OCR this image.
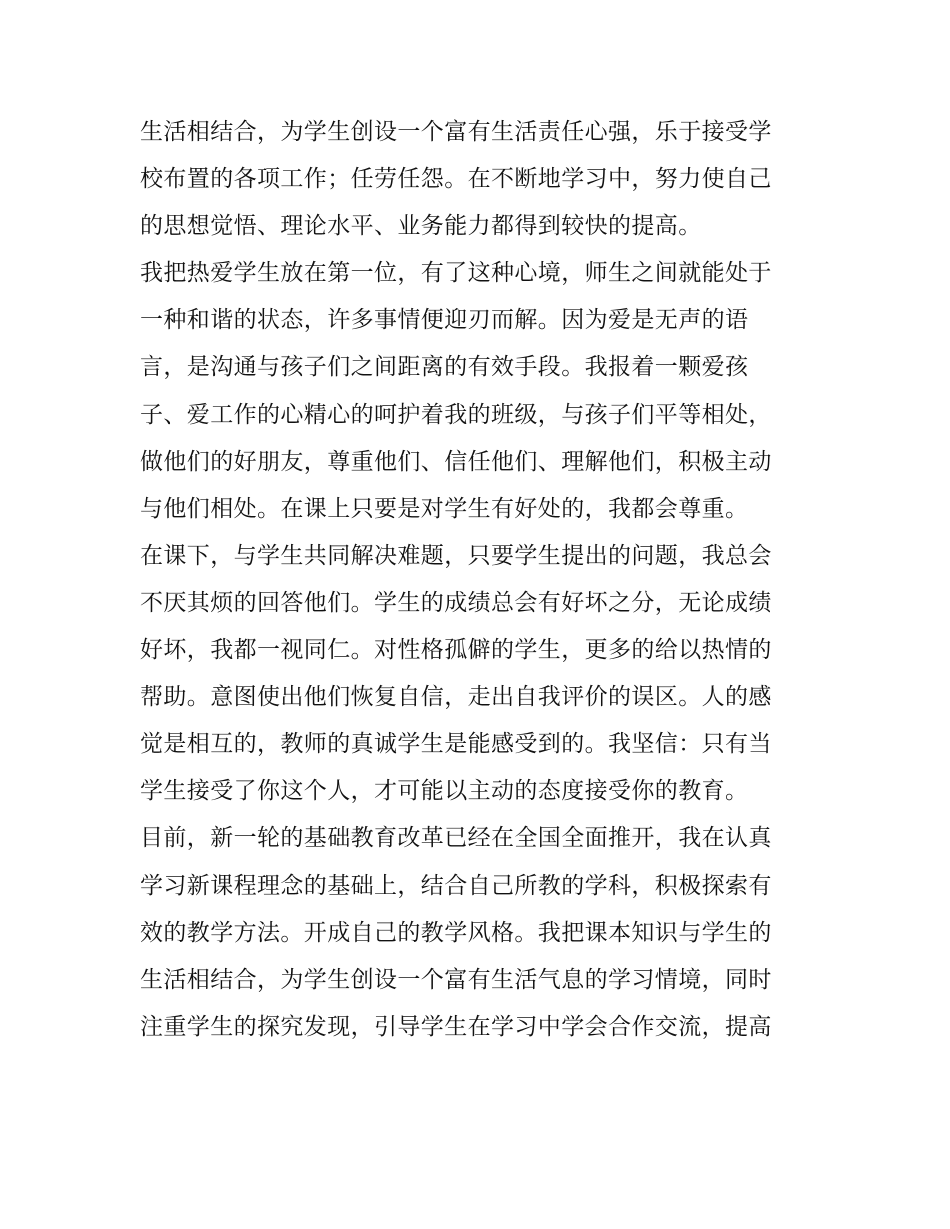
生活相结合，为学生创设一个富有生活责任心强，乐于接受学
校布置的各项工作；任劳任怨。在不断地学习中，努力使自己
的思想觉悟、理论水平、业务能力都得到较快的提高。
我把热爱学生放在第一位，有了这种心境，师生之间就能处于
一种和谐的状态，许多事情便迎刃而解。因为爱是无声的语
言，是沟通与孩子们之间距离的有效手段。我报着一颗爱孩
子、爱工作的心精心的呵护着我的班级，与孩子们平等相处，
做他们的好朋友，尊重他们、信任他们、理解他们，积极主动
与他们相处。在课上只要是对学生有好处的，我都会尊重。
在课下，与学生共同解决难题，只要学生提出的问题，我总会
不厌其烦的回答他们。学生的成绩总会有好坏之分，无论成绩
好坏，我都一视同仁。对性格孤僻的学生，更多的给以热情的
帮助。意图使出他们恢复自信，走出自我评价的误区。人的感
觉是相互的，教师的真诚学生是能感受到的。我坚信：只有当
学生接受了你这个人，才可能以主动的态度接受你的教育。
目前，新一轮的基础教育改革已经在全国全面推开，我在认真
学习新课程理念的基础上，结合自己所教的学科，积极探索有
效的教学方法。开成自己的教学风格。我把课本知识与学生的
生活相结合，为学生创设一个富有生活气息的学习情境，同时
注重学生的探究发现，引导学生在学习中学会合作交流，提高
